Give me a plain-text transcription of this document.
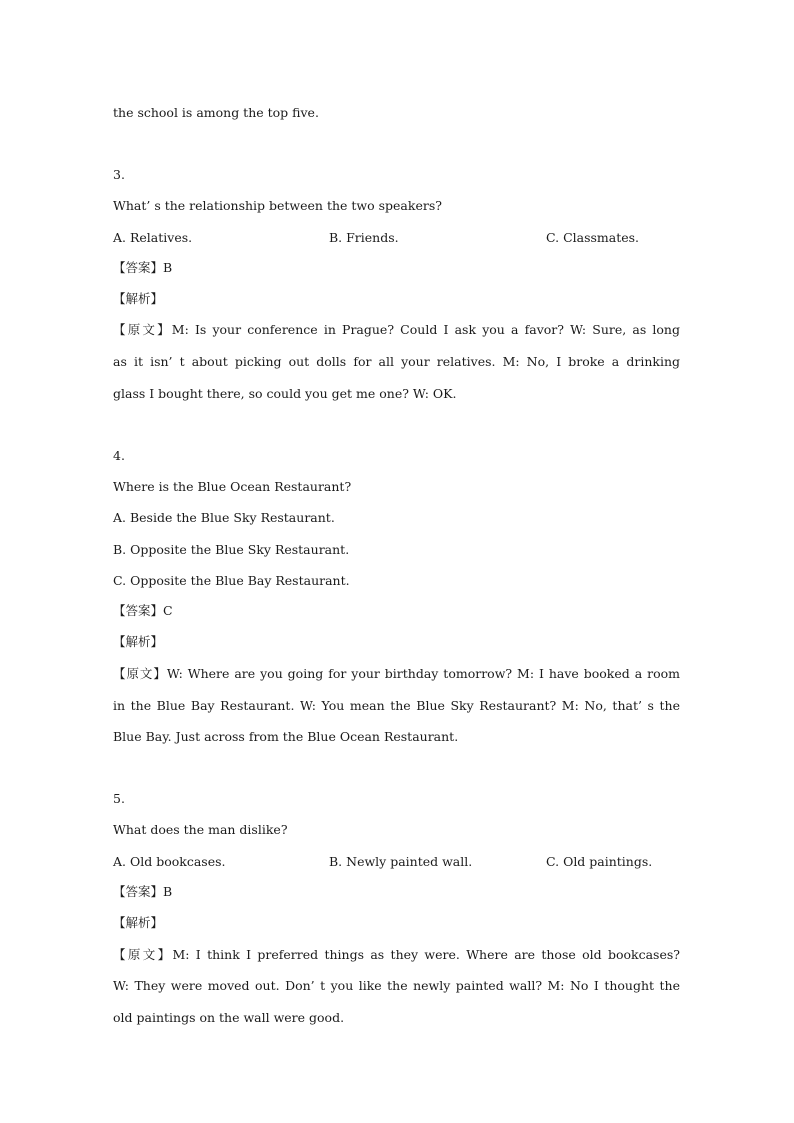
the school is among the top five.
3.
What’ s the relationship between the two speakers?
A. Relatives.	B. Friends.	C. Classmates.
【答案】B
【解析】
【原文】M: Is your conference in Prague? Could I ask you a favor? W: Sure, as long
as it isn’ t about picking out dolls for all your relatives. M: No, I broke a drinking
glass I bought there, so could you get me one? W: OK.
4.
Where is the Blue Ocean Restaurant?
A. Beside the Blue Sky Restaurant.
B. Opposite the Blue Sky Restaurant.
C. Opposite the Blue Bay Restaurant.
【答案】C
【解析】
【原文】W: Where are you going for your birthday tomorrow? M: I have booked a room
in the Blue Bay Restaurant. W: You mean the Blue Sky Restaurant? M: No, that’ s the
Blue Bay. Just across from the Blue Ocean Restaurant.
5.
What does the man dislike?
A. Old bookcases.	B. Newly painted wall.	C. Old paintings.
【答案】B
【解析】
【原文】M: I think I preferred things as they were. Where are those old bookcases?
W: They were moved out. Don’ t you like the newly painted wall? M: No I thought the
old paintings on the wall were good.
